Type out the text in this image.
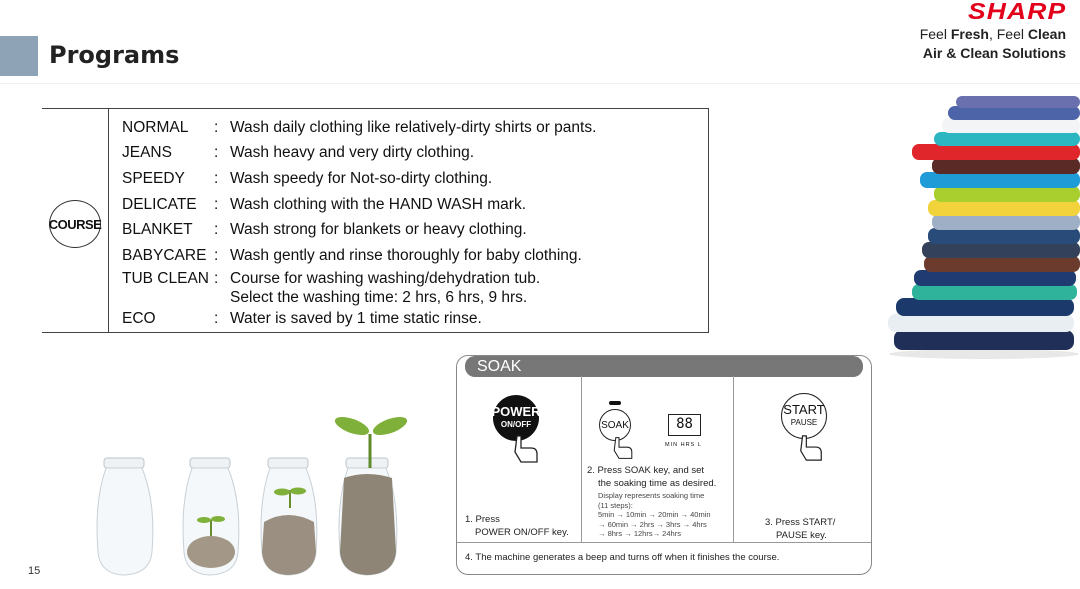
Programs
SHARP
Feel Fresh, Feel Clean
Air & Clean Solutions
COURSE
NORMAL : Wash daily clothing like relatively-dirty shirts or pants.
JEANS	: Wash heavy and very dirty clothing.
SPEEDY : Wash speedy for Not-so-dirty clothing.
DELICATE : Wash clothing with the HAND WASH mark.
BLANKET : Wash strong for blankets or heavy clothing.
BABYCARE : Wash gently and rinse thoroughly for baby clothing.
TUB CLEAN : Course for washing washing/dehydration tub.
Select the washing time: 2 hrs, 6 hrs, 9 hrs.
ECO	: Water is saved by 1 time static rinse.
SOAK
POWER
ON/OFF
1. Press
POWER ON/OFF key.
SOAK	88
MIN HRS L
2. Press SOAK key, and set
the soaking time as desired.
Display represents soaking time
(11 steps):
5min → 10min → 20min → 40min
→ 60min → 2hrs → 3hrs → 4hrs
→ 8hrs → 12hrs→ 24hrs
START
PAUSE
3. Press START/
PAUSE key.
4. The machine generates a beep and turns off when it finishes the course.
15
